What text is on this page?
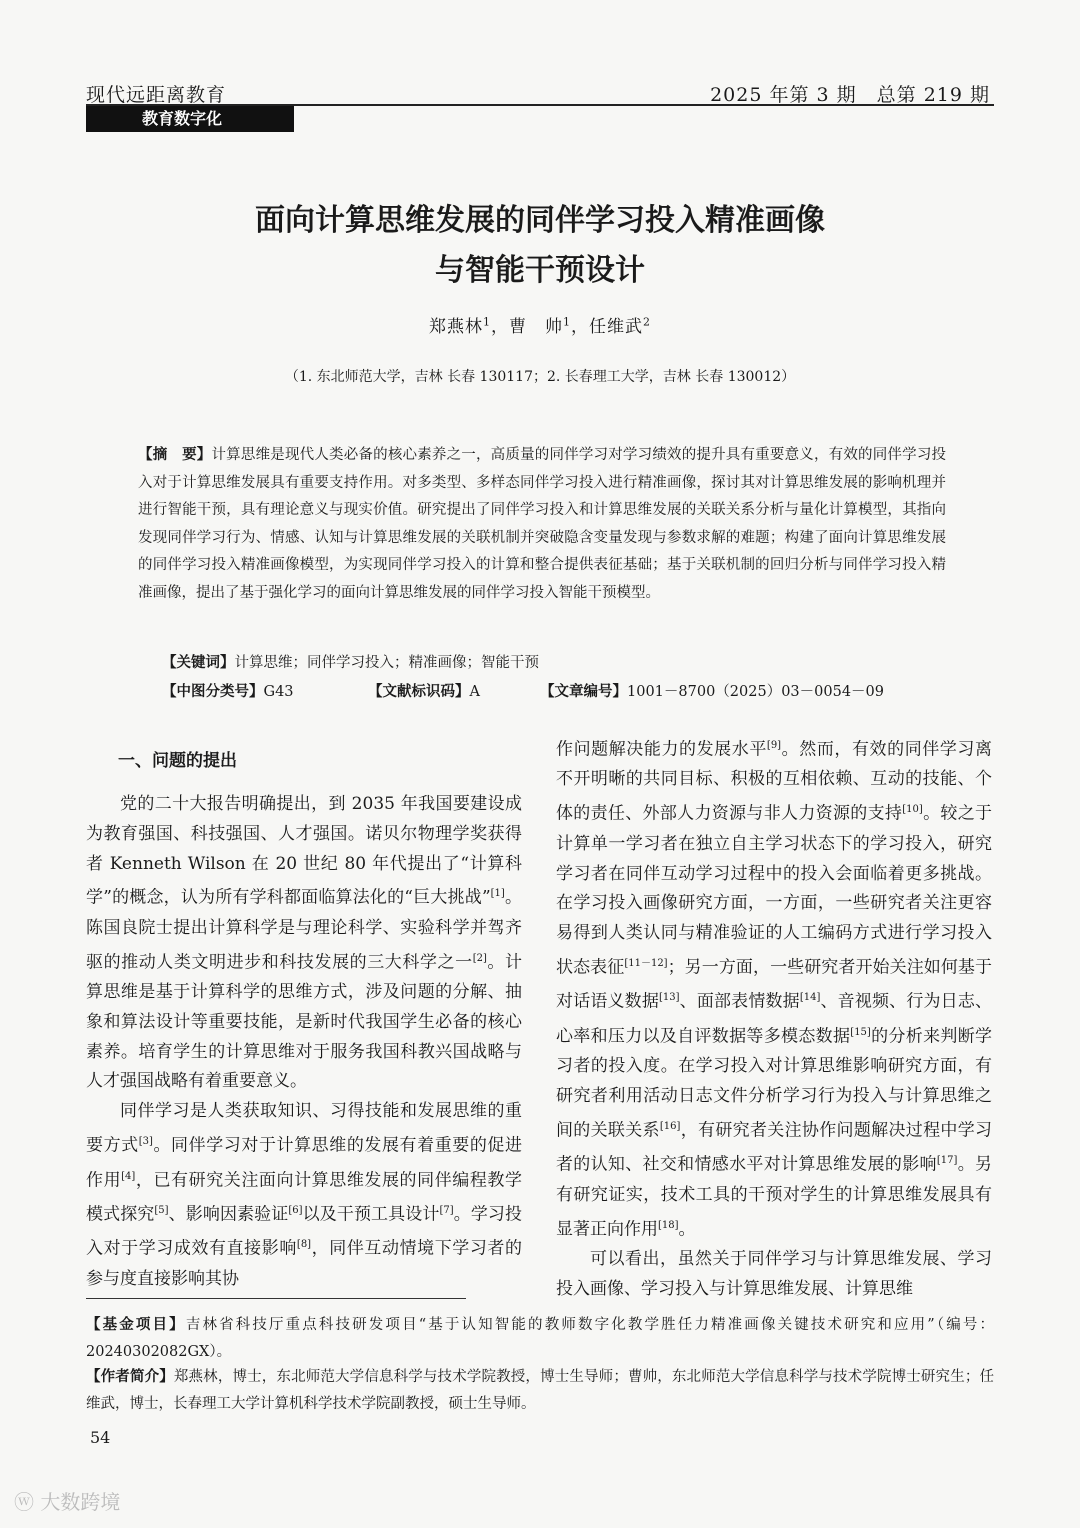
现代远距离教育	2025 年第 3 期　总第 219 期
教育数字化
面向计算思维发展的同伴学习投入精准画像
与智能干预设计
郑燕林$^1$，曹　帅$^1$，任维武$^2$
（1. 东北师范大学，吉林 长春 130117；2. 长春理工大学，吉林 长春 130012）
【摘　要】计算思维是现代人类必备的核心素养之一，高质量的同伴学习对学习绩效的提升具有重要意义，有效的同伴学习投入对于计算思维发展具有重要支持作用。对多类型、多样态同伴学习投入进行精准画像，探讨其对计算思维发展的影响机理并进行智能干预，具有理论意义与现实价值。研究提出了同伴学习投入和计算思维发展的关联关系分析与量化计算模型，其指向发现同伴学习行为、情感、认知与计算思维发展的关联机制并突破隐含变量发现与参数求解的难题；构建了面向计算思维发展的同伴学习投入精准画像模型，为实现同伴学习投入的计算和整合提供表征基础；基于关联机制的回归分析与同伴学习投入精准画像，提出了基于强化学习的面向计算思维发展的同伴学习投入智能干预模型。
【关键词】计算思维；同伴学习投入；精准画像；智能干预
【中图分类号】G43	【文献标识码】A	【文章编号】1001－8700（2025）03－0054－09
一、问题的提出

党的二十大报告明确提出，到 2035 年我国要建设成为教育强国、科技强国、人才强国。诺贝尔物理学奖获得者 Kenneth Wilson 在 20 世纪 80 年代提出了“计算科学”的概念，认为所有学科都面临算法化的“巨大挑战”[1]。陈国良院士提出计算科学是与理论科学、实验科学并驾齐驱的推动人类文明进步和科技发展的三大科学之一[2]。计算思维是基于计算科学的思维方式，涉及问题的分解、抽象和算法设计等重要技能，是新时代我国学生必备的核心素养。培育学生的计算思维对于服务我国科教兴国战略与人才强国战略有着重要意义。

同伴学习是人类获取知识、习得技能和发展思维的重要方式[3]。同伴学习对于计算思维的发展有着重要的促进作用[4]，已有研究关注面向计算思维发展的同伴编程教学模式探究[5]、影响因素验证[6]以及干预工具设计[7]。学习投入对于学习成效有直接影响[8]，同伴互动情境下学习者的参与度直接影响其协

作问题解决能力的发展水平[9]。然而，有效的同伴学习离不开明晰的共同目标、积极的互相依赖、互动的技能、个体的责任、外部人力资源与非人力资源的支持[10]。较之于计算单一学习者在独立自主学习状态下的学习投入，研究学习者在同伴互动学习过程中的投入会面临着更多挑战。在学习投入画像研究方面，一方面，一些研究者关注更容易得到人类认同与精准验证的人工编码方式进行学习投入状态表征[11－12]；另一方面，一些研究者开始关注如何基于对话语义数据[13]、面部表情数据[14]、音视频、行为日志、心率和压力以及自评数据等多模态数据[15]的分析来判断学习者的投入度。在学习投入对计算思维影响研究方面，有研究者利用活动日志文件分析学习行为投入与计算思维之间的关联关系[16]，有研究者关注协作问题解决过程中学习者的认知、社交和情感水平对计算思维发展的影响[17]。另有研究证实，技术工具的干预对学生的计算思维发展具有显著正向作用[18]。

可以看出，虽然关于同伴学习与计算思维发展、学习投入画像、学习投入与计算思维发展、计算思维

【基金项目】吉林省科技厅重点科技研发项目“基于认知智能的教师数字化教学胜任力精准画像关键技术研究和应用”（编号：20240302082GX）。
【作者简介】郑燕林，博士，东北师范大学信息科学与技术学院教授，博士生导师；曹帅，东北师范大学信息科学与技术学院博士研究生；任维武，博士，长春理工大学计算机科学技术学院副教授，硕士生导师。
54
ⓦ 大数跨境
